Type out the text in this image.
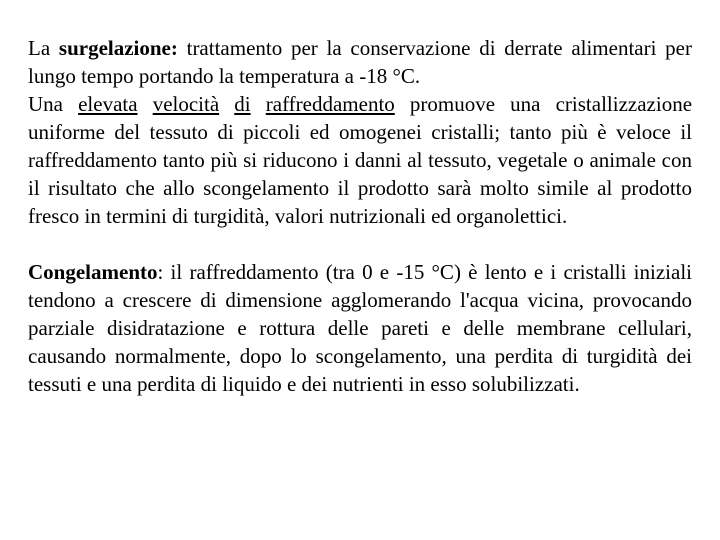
La surgelazione: trattamento per la conservazione di derrate alimentari per lungo tempo portando la temperatura a -18 °C.
Una elevata velocità di raffreddamento promuove una cristallizzazione uniforme del tessuto di piccoli ed omogenei cristalli; tanto più è veloce il raffreddamento tanto più si riducono i danni al tessuto, vegetale o animale con il risultato che allo scongelamento il prodotto sarà molto simile al prodotto fresco in termini di turgidità, valori nutrizionali ed organolettici.

Congelamento: il raffreddamento (tra 0 e -15 °C) è lento e i cristalli iniziali tendono a crescere di dimensione agglomerando l'acqua vicina, provocando parziale disidratazione e rottura delle pareti e delle membrane cellulari, causando normalmente, dopo lo scongelamento, una perdita di turgidità dei tessuti e una perdita di liquido e dei nutrienti in esso solubilizzati.
